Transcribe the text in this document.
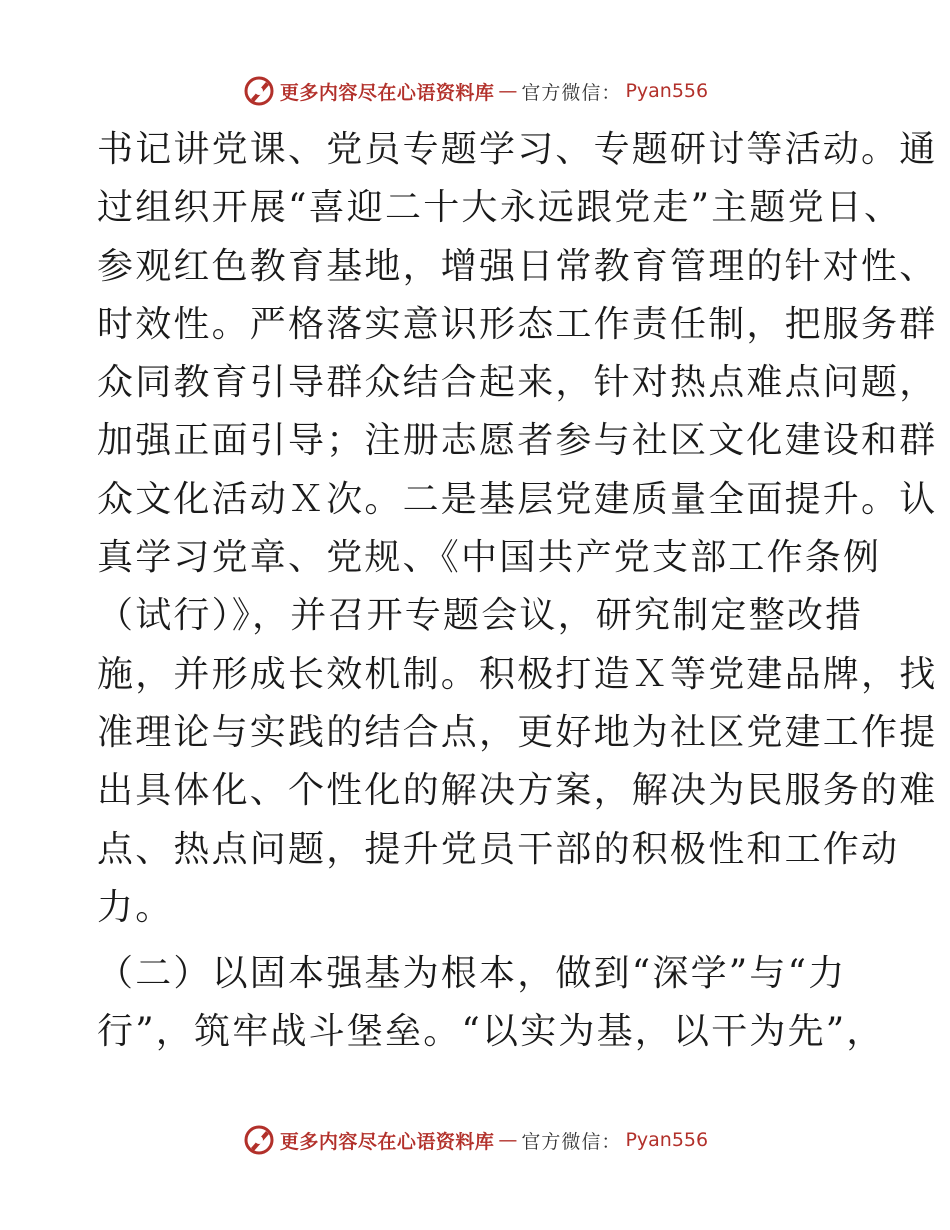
更多内容尽在心语资料库 — 官方微信： Pyan556
书记讲党课、党员专题学习、专题研讨等活动。通
过组织开展“喜迎二十大永远跟党走”主题党日、
参观红色教育基地，增强日常教育管理的针对性、
时效性。严格落实意识形态工作责任制，把服务群
众同教育引导群众结合起来，针对热点难点问题，
加强正面引导；注册志愿者参与社区文化建设和群
众文化活动Ｘ次。二是基层党建质量全面提升。认
真学习党章、党规、《中国共产党支部工作条例
（试行）》，并召开专题会议，研究制定整改措
施，并形成长效机制。积极打造Ｘ等党建品牌，找
准理论与实践的结合点，更好地为社区党建工作提
出具体化、个性化的解决方案，解决为民服务的难
点、热点问题，提升党员干部的积极性和工作动
力。
（二）以固本强基为根本，做到“深学”与“力
行”，筑牢战斗堡垒。“以实为基，以干为先”，
更多内容尽在心语资料库 — 官方微信： Pyan556
